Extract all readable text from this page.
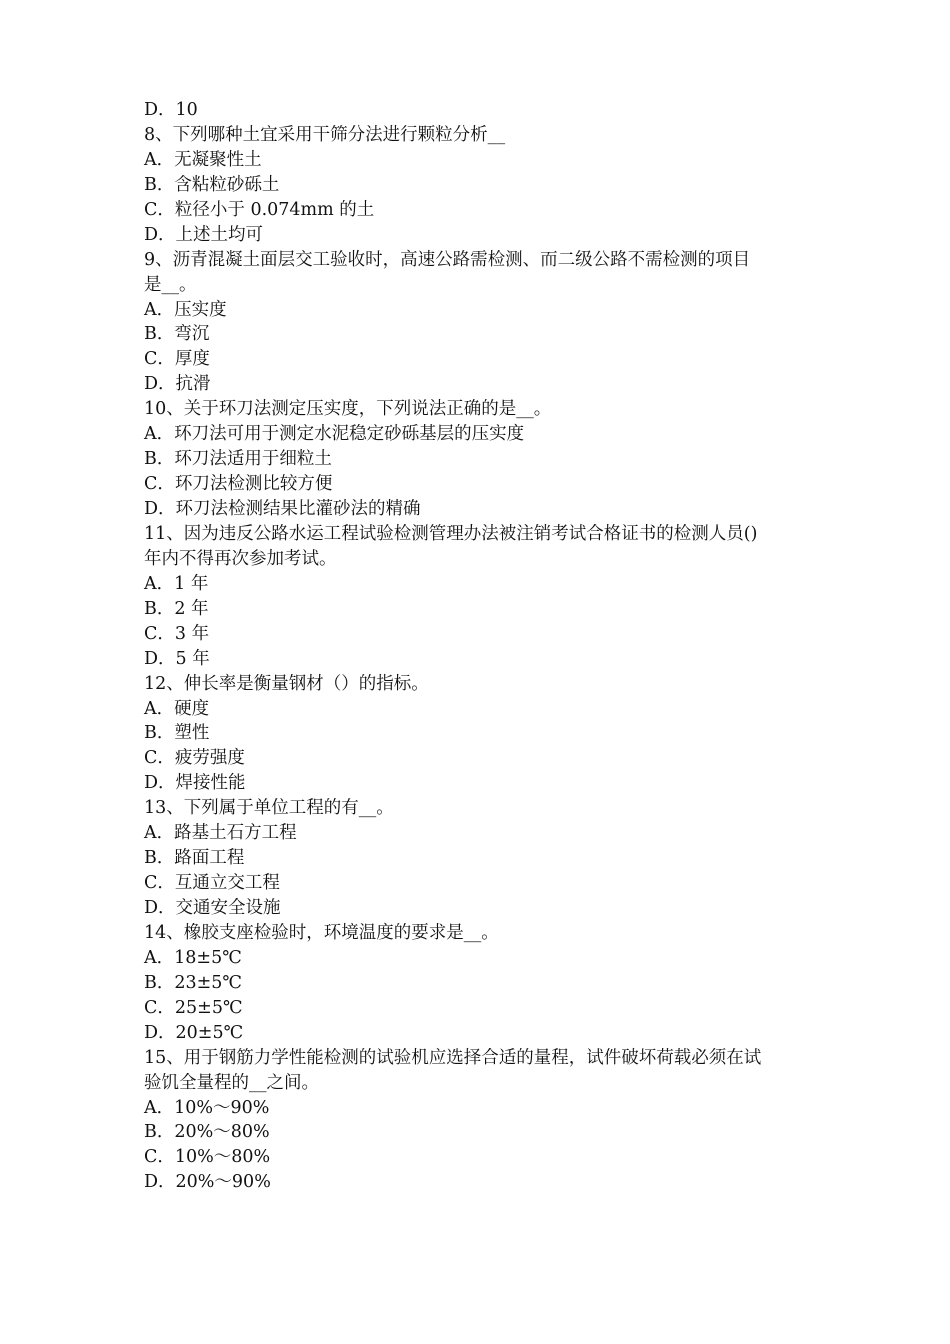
D．10
8、下列哪种土宜采用干筛分法进行颗粒分析__
A．无凝聚性土
B．含粘粒砂砾土
C．粒径小于 0.074mm 的土
D．上述土均可
9、沥青混凝土面层交工验收时，高速公路需检测、而二级公路不需检测的项目
是__。
A．压实度
B．弯沉
C．厚度
D．抗滑
10、关于环刀法测定压实度，下列说法正确的是__。
A．环刀法可用于测定水泥稳定砂砾基层的压实度
B．环刀法适用于细粒土
C．环刀法检测比较方便
D．环刀法检测结果比灌砂法的精确
11、因为违反公路水运工程试验检测管理办法被注销考试合格证书的检测人员()
年内不得再次参加考试。
A．1 年
B．2 年
C．3 年
D．5 年
12、伸长率是衡量钢材（）的指标。
A．硬度
B．塑性
C．疲劳强度
D．焊接性能
13、下列属于单位工程的有__。
A．路基土石方工程
B．路面工程
C．互通立交工程
D．交通安全设施
14、橡胶支座检验时，环境温度的要求是__。
A．18±5℃
B．23±5℃
C．25±5℃
D．20±5℃
15、用于钢筋力学性能检测的试验机应选择合适的量程，试件破坏荷载必须在试
验饥全量程的__之间。
A．10%～90%
B．20%～80%
C．10%～80%
D．20%～90%
